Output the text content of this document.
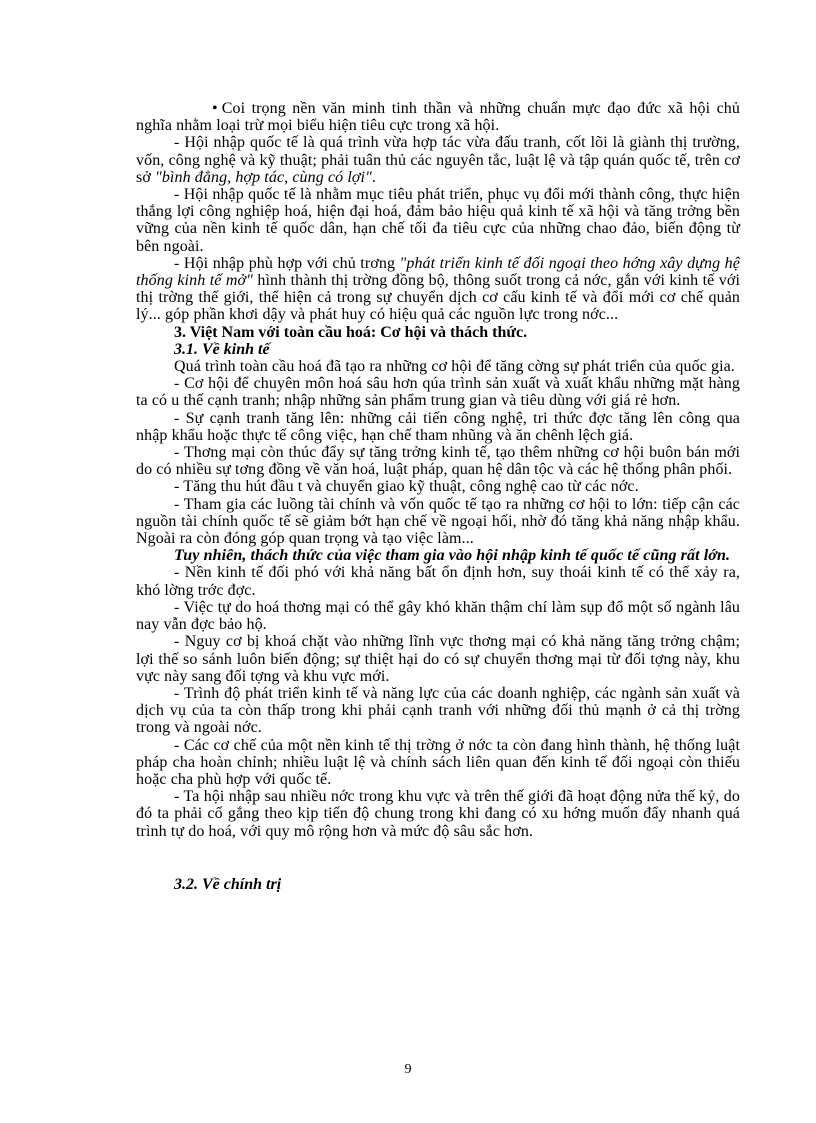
• Coi trọng nền văn minh tinh thần và những chuẩn mực đạo đức xã hội chủ nghĩa nhằm loại trừ mọi biểu hiện tiêu cực trong xã hội.

- Hội nhập quốc tế là quá trình vừa hợp tác vừa đấu tranh, cốt lõi là giành thị trường, vốn, công nghệ và kỹ thuật; phải tuân thủ các nguyên tắc, luật lệ và tập quán quốc tế, trên cơ sở "bình đẳng, hợp tác, cùng có lợi".

- Hội nhập quốc tế là nhằm mục tiêu phát triển, phục vụ đổi mới thành công, thực hiện thắng lợi công nghiệp hoá, hiện đại hoá, đảm bảo hiệu quả kinh tế xã hội và tăng trởng bền vững của nền kinh tế quốc dân, hạn chế tối đa tiêu cực của những chao đảo, biến động từ bên ngoài.

- Hội nhập phù hợp với chủ trơng "phát triển kinh tế đối ngoại theo hớng xây dựng hệ thống kinh tế mở" hình thành thị trờng đồng bộ, thông suốt trong cả nớc, gắn với kinh tế với thị trờng thế giới, thể hiện cả trong sự chuyển dịch cơ cấu kinh tế và đổi mới cơ chế quản lý... góp phần khơi dậy và phát huy có hiệu quả các nguồn lực trong nớc...

3. Việt Nam với toàn cầu hoá: Cơ hội và thách thức.

3.1. Về kinh tế

Quá trình toàn cầu hoá đã tạo ra những cơ hội để tăng cờng sự phát triển của quốc gia.

- Cơ hội để chuyên môn hoá sâu hơn qúa trình sản xuất và xuất khẩu những mặt hàng ta có u thế cạnh tranh; nhập những sản phẩm trung gian và tiêu dùng với giá rẻ hơn.

- Sự cạnh tranh tăng lên: những cải tiến công nghệ, tri thức đợc tăng lên công qua nhập khẩu hoặc thực tế công việc, hạn chế tham nhũng và ăn chênh lệch giá.

- Thơng mại còn thúc đẩy sự tăng trởng kinh tế, tạo thêm những cơ hội buôn bán mới do có nhiều sự tơng đồng về văn hoá, luật pháp, quan hệ dân tộc và các hệ thống phân phối.

- Tăng thu hút đầu t và chuyển giao kỹ thuật, công nghệ cao từ các nớc.

- Tham gia các luồng tài chính và vốn quốc tế tạo ra những cơ hội to lớn: tiếp cận các nguồn tài chính quốc tế sẽ giảm bớt hạn chế về ngoại hối, nhờ đó tăng khả năng nhập khẩu. Ngoài ra còn đóng góp quan trọng và tạo việc làm...

Tuy nhiên, thách thức của việc tham gia vào hội nhập kinh tế quốc tế cũng rất lớn.

- Nền kinh tế đối phó với khả năng bất ổn định hơn, suy thoái kinh tế có thể xảy ra, khó lờng trớc đợc.

- Việc tự do hoá thơng mại có thể gây khó khăn thậm chí làm sụp đổ một số ngành lâu nay vẫn đợc bảo hộ.

- Nguy cơ bị khoá chặt vào những lĩnh vực thơng mại có khả năng tăng trởng chậm; lợi thế so sánh luôn biến động; sự thiệt hại do có sự chuyển thơng mại từ đối tợng này, khu vực này sang đối tợng và khu vực mới.

- Trình độ phát triển kinh tế và năng lực của các doanh nghiệp, các ngành sản xuất và dịch vụ của ta còn thấp trong khi phải cạnh tranh với những đối thủ mạnh ở cả thị trờng trong và ngoài nớc.

- Các cơ chế của một nền kinh tế thị trờng ở nớc ta còn đang hình thành, hệ thống luật pháp cha hoàn chỉnh; nhiều luật lệ và chính sách liên quan đến kinh tế đối ngoại còn thiếu hoặc cha phù hợp với quốc tế.

- Ta hội nhập sau nhiều nớc trong khu vực và trên thế giới đã hoạt động nửa thế kỷ, do đó ta phải cố gắng theo kịp tiến độ chung trong khi đang có xu hớng muốn đẩy nhanh quá trình tự do hoá, với quy mô rộng hơn và mức độ sâu sắc hơn.

3.2. Về chính trị

9
